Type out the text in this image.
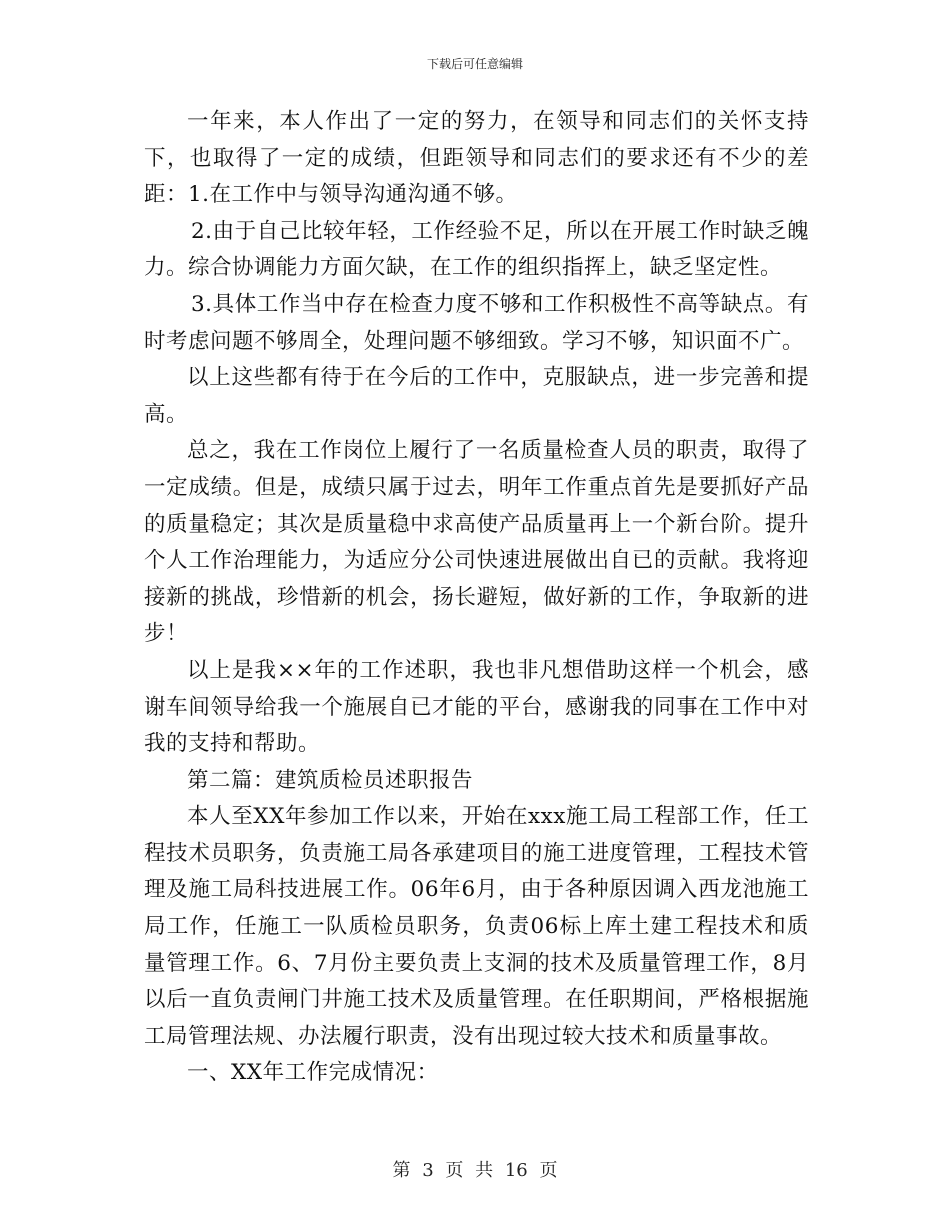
下载后可任意编辑

一年来，本人作出了一定的努力，在领导和同志们的关怀支持下，也取得了一定的成绩，但距领导和同志们的要求还有不少的差距：1.在工作中与领导沟通沟通不够。

2.由于自己比较年轻，工作经验不足，所以在开展工作时缺乏魄力。综合协调能力方面欠缺，在工作的组织指挥上，缺乏坚定性。

3.具体工作当中存在检查力度不够和工作积极性不高等缺点。有时考虑问题不够周全，处理问题不够细致。学习不够，知识面不广。

以上这些都有待于在今后的工作中，克服缺点，进一步完善和提高。

总之，我在工作岗位上履行了一名质量检查人员的职责，取得了一定成绩。但是，成绩只属于过去，明年工作重点首先是要抓好产品的质量稳定；其次是质量稳中求高使产品质量再上一个新台阶。提升个人工作治理能力，为适应分公司快速进展做出自已的贡献。我将迎接新的挑战，珍惜新的机会，扬长避短，做好新的工作，争取新的进步！

以上是我××年的工作述职，我也非凡想借助这样一个机会，感谢车间领导给我一个施展自已才能的平台，感谢我的同事在工作中对我的支持和帮助。

第二篇：建筑质检员述职报告

本人至XX年参加工作以来，开始在xxx施工局工程部工作，任工程技术员职务，负责施工局各承建项目的施工进度管理，工程技术管理及施工局科技进展工作。06年6月，由于各种原因调入西龙池施工局工作，任施工一队质检员职务，负责06标上库土建工程技术和质量管理工作。6、7月份主要负责上支洞的技术及质量管理工作，8月以后一直负责闸门井施工技术及质量管理。在任职期间，严格根据施工局管理法规、办法履行职责，没有出现过较大技术和质量事故。

一、XX年工作完成情况：

第 3 页 共 16 页
